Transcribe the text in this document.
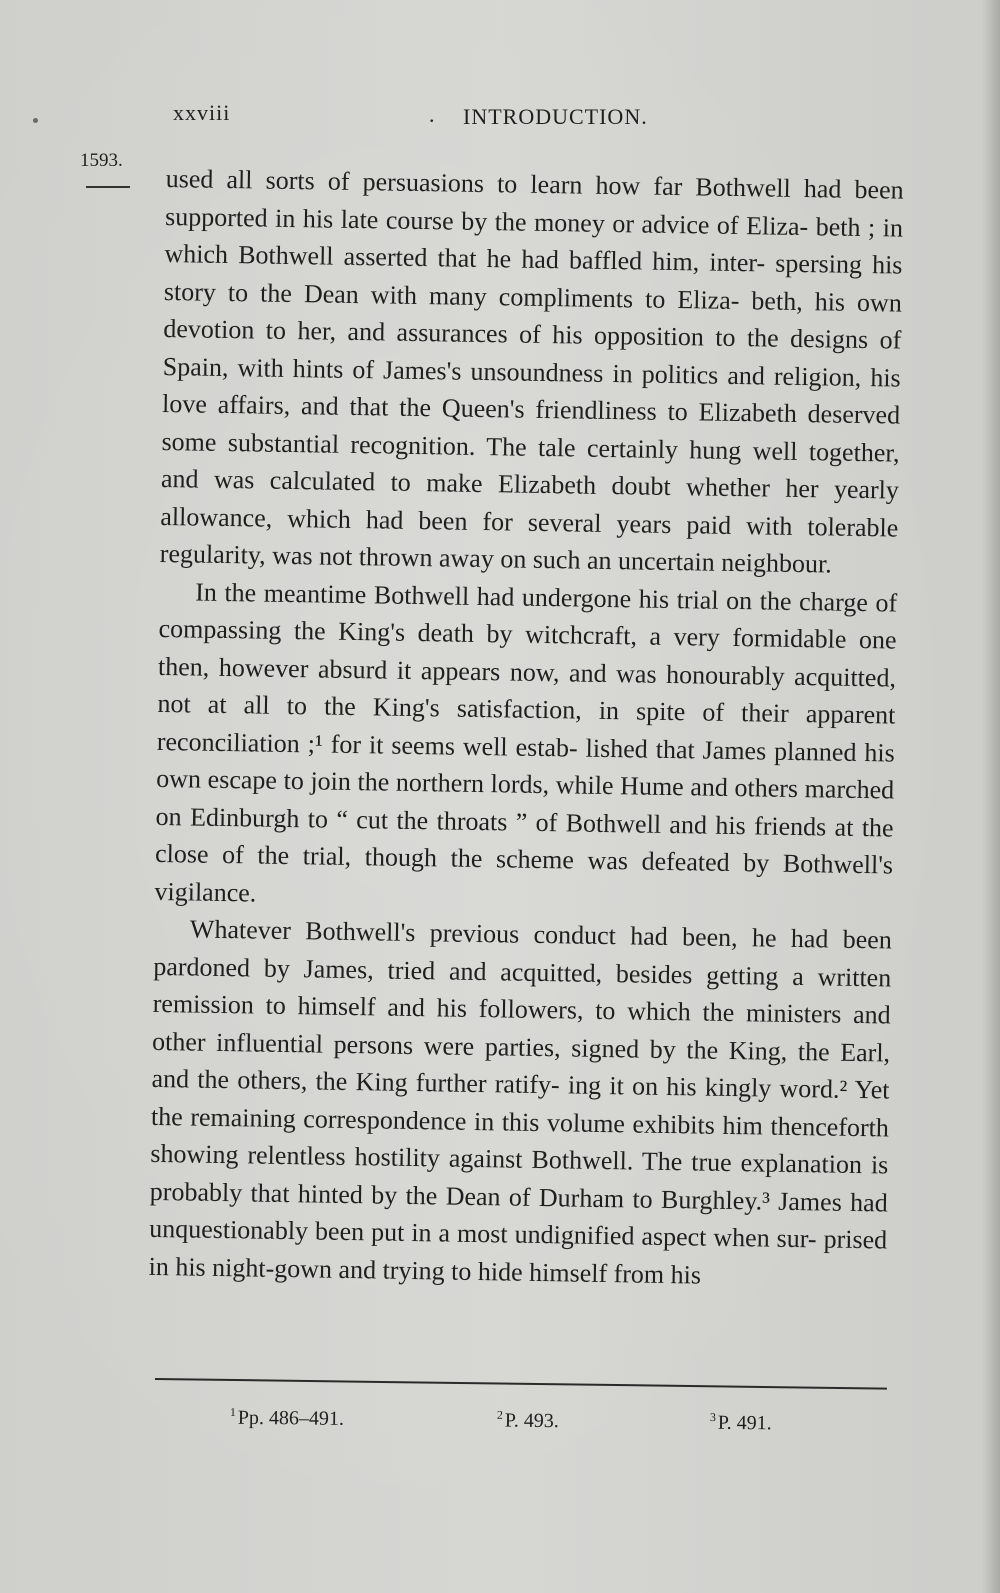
xxviii	. INTRODUCTION.
1593.

used all sorts of persuasions to learn how far Bothwell had been supported in his late course by the money or advice of Eliza- beth ; in which Bothwell asserted that he had baffled him, inter- spersing his story to the Dean with many compliments to Eliza- beth, his own devotion to her, and assurances of his opposition to the designs of Spain, with hints of James's unsoundness in politics and religion, his love affairs, and that the Queen's friendliness to Elizabeth deserved some substantial recognition. The tale certainly hung well together, and was calculated to make Elizabeth doubt whether her yearly allowance, which had been for several years paid with tolerable regularity, was not thrown away on such an uncertain neighbour.

In the meantime Bothwell had undergone his trial on the charge of compassing the King's death by witchcraft, a very formidable one then, however absurd it appears now, and was honourably acquitted, not at all to the King's satisfaction, in spite of their apparent reconciliation ;¹ for it seems well estab- lished that James planned his own escape to join the northern lords, while Hume and others marched on Edinburgh to “ cut the throats ” of Bothwell and his friends at the close of the trial, though the scheme was defeated by Bothwell's vigilance.

Whatever Bothwell's previous conduct had been, he had been pardoned by James, tried and acquitted, besides getting a written remission to himself and his followers, to which the ministers and other influential persons were parties, signed by the King, the Earl, and the others, the King further ratify- ing it on his kingly word.² Yet the remaining correspondence in this volume exhibits him thenceforth showing relentless hostility against Bothwell. The true explanation is probably that hinted by the Dean of Durham to Burghley.³ James had unquestionably been put in a most undignified aspect when sur- prised in his night-gown and trying to hide himself from his

$^1$Pp. 486–491.	$^2$P. 493.	$^3$P. 491.
